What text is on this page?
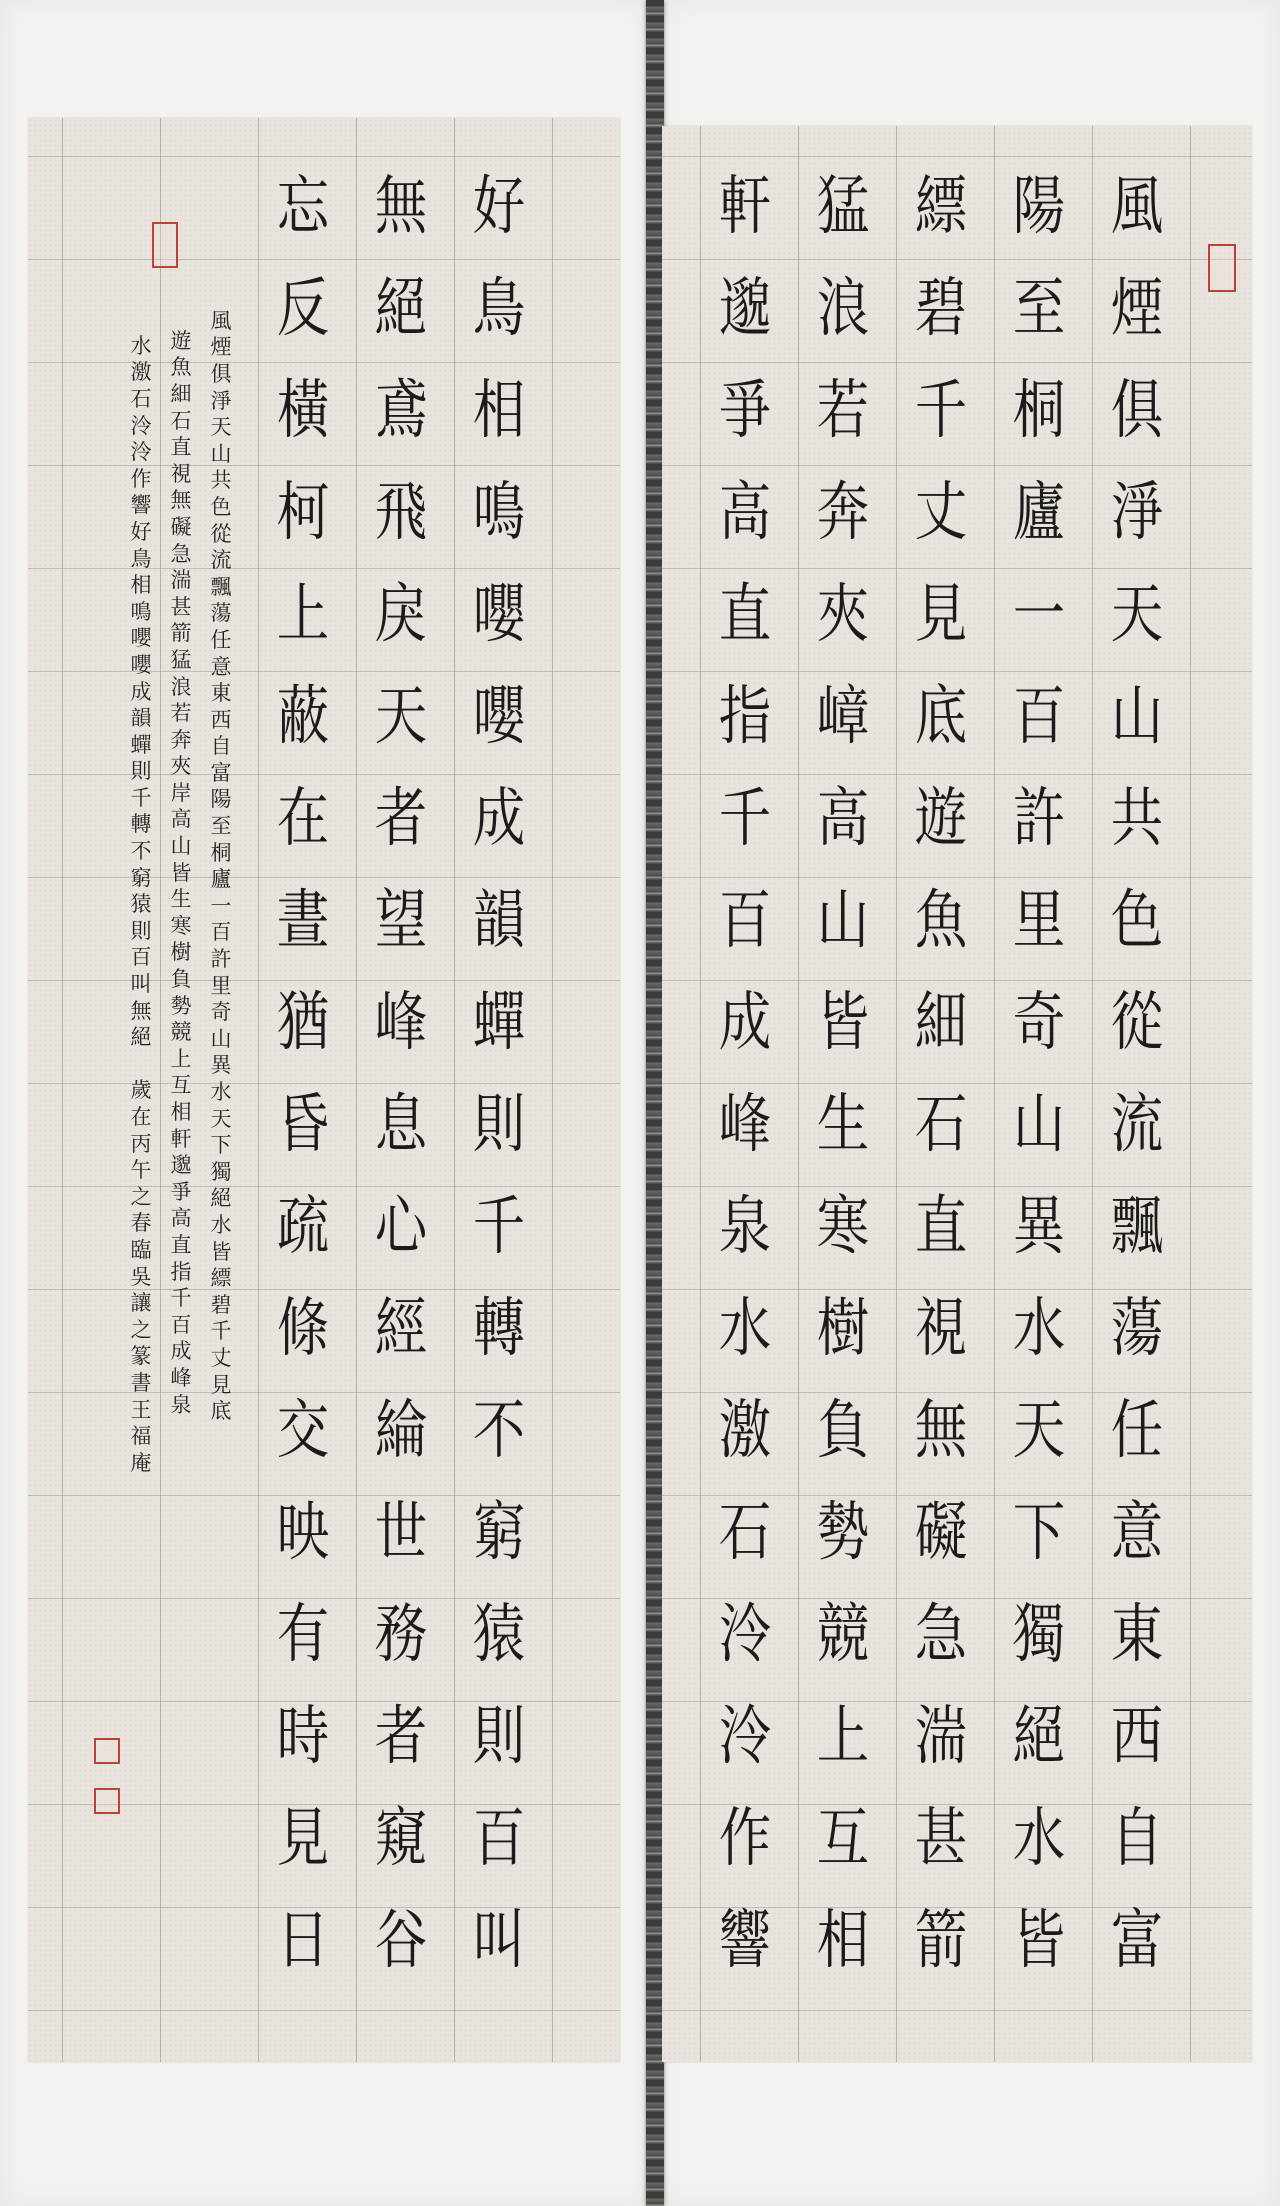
好
鳥
相
鳴
嚶
嚶
成
韻
蟬
則
千
轉
不
窮
猿
則
百
叫
無
絕
鳶
飛
戾
天
者
望
峰
息
心
經
綸
世
務
者
窺
谷
忘
反
橫
柯
上
蔽
在
晝
猶
昏
疏
條
交
映
有
時
見
日
風
煙
俱
淨
天
山
共
色
從
流
飄
蕩
任
意
東
西
自
富
陽
至
桐
廬
一
百
許
里
奇
山
異
水
天
下
獨
絕
水
皆
縹
碧
千
丈
見
底
遊
魚
細
石
直
視
無
礙
急
湍
甚
箭
猛
浪
若
奔
夾
岸
高
山
皆
生
寒
樹
負
勢
競
上
互
相
軒
邈
爭
高
直
指
千
百
成
峰
泉
水
激
石
泠
泠
作
響
好
鳥
相
鳴
嚶
嚶
成
韻
蟬
則
千
轉
不
窮
猿
則
百
叫
無
絕
歲
在
丙
午
之
春
臨
吳
讓
之
篆
書
王
福
庵

風
煙
俱
淨
天
山
共
色
從
流
飄
蕩
任
意
東
西
自
富
陽
至
桐
廬
一
百
許
里
奇
山
異
水
天
下
獨
絕
水
皆
縹
碧
千
丈
見
底
遊
魚
細
石
直
視
無
礙
急
湍
甚
箭
猛
浪
若
奔
夾
嶂
高
山
皆
生
寒
樹
負
勢
競
上
互
相
軒
邈
爭
高
直
指
千
百
成
峰
泉
水
激
石
泠
泠
作
響
